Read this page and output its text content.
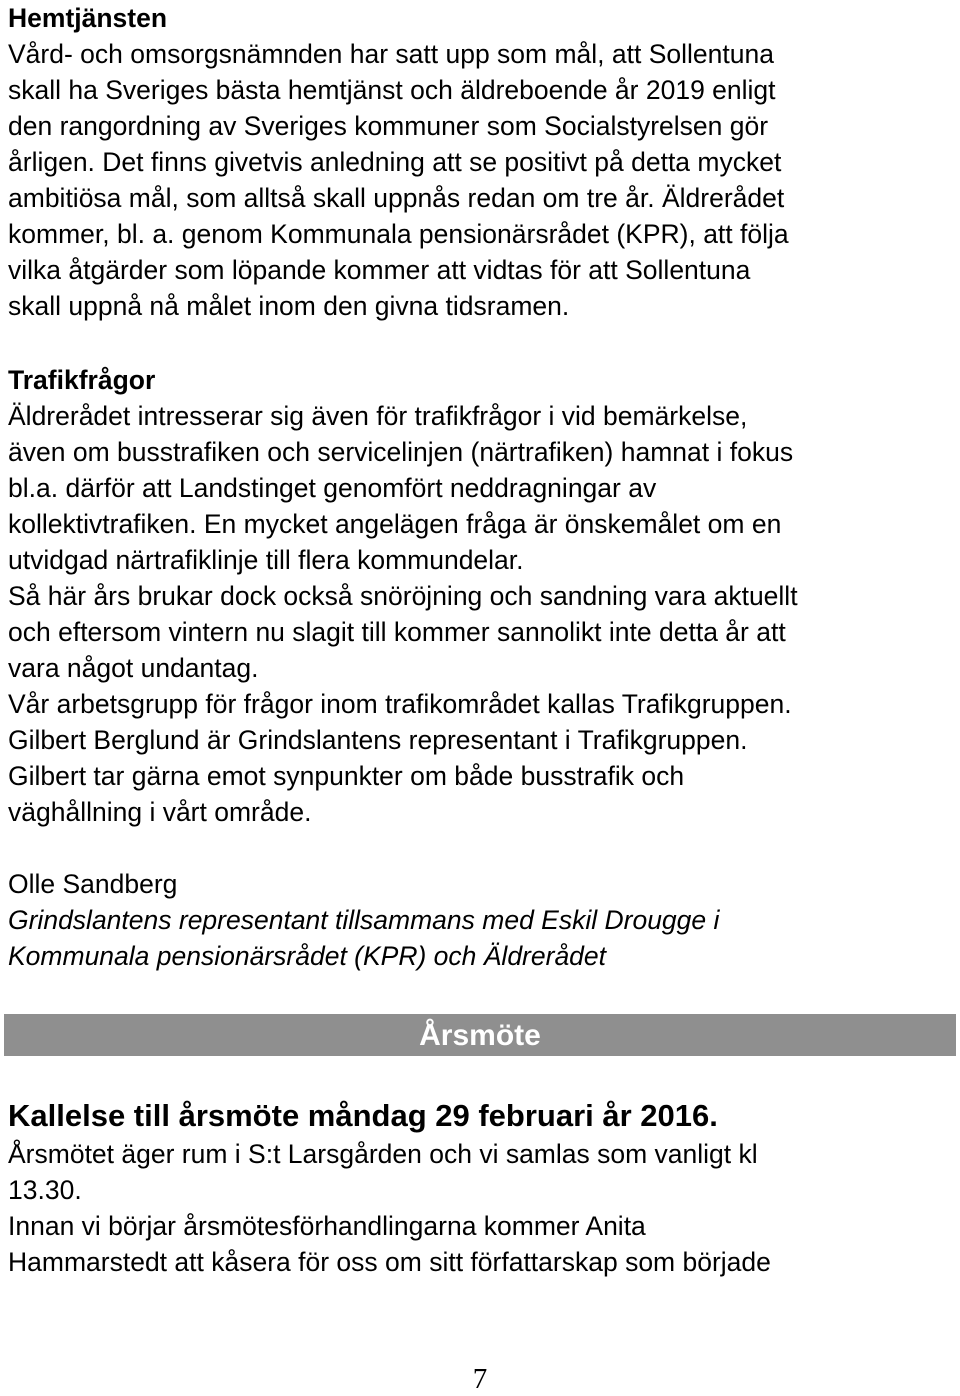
Hemtjänsten
Vård- och omsorgsnämnden har satt upp som mål, att Sollentuna
skall ha Sveriges bästa hemtjänst och äldreboende år 2019 enligt
den rangordning av Sveriges kommuner som Socialstyrelsen gör
årligen. Det finns givetvis anledning att se positivt på detta mycket
ambitiösa mål, som alltså skall uppnås redan om tre år. Äldrerådet
kommer, bl. a. genom Kommunala pensionärsrådet (KPR), att följa
vilka åtgärder som löpande kommer att vidtas för att Sollentuna
skall uppnå nå målet inom den givna tidsramen.
Trafikfrågor
Äldrerådet intresserar sig även för trafikfrågor i vid bemärkelse,
även om busstrafiken och servicelinjen (närtrafiken) hamnat i fokus
bl.a. därför att Landstinget genomfört neddragningar av
kollektivtrafiken. En mycket angelägen fråga är önskemålet om en
utvidgad närtrafiklinje till flera kommundelar.
Så här års brukar dock också snöröjning och sandning vara aktuellt
och eftersom vintern nu slagit till kommer sannolikt inte detta år att
vara något undantag.
Vår arbetsgrupp för frågor inom trafikområdet kallas Trafikgruppen.
Gilbert Berglund är Grindslantens representant i Trafikgruppen.
Gilbert tar gärna emot synpunkter om både busstrafik och
väghållning i vårt område.
Olle Sandberg
Grindslantens representant tillsammans med Eskil Drougge i
Kommunala pensionärsrådet (KPR) och Äldrerådet
Årsmöte
Kallelse till årsmöte måndag 29 februari år 2016.
Årsmötet äger rum i S:t Larsgården och vi samlas som vanligt kl
13.30.
Innan vi börjar årsmötesförhandlingarna kommer Anita
Hammarstedt att kåsera för oss om sitt författarskap som började
7
